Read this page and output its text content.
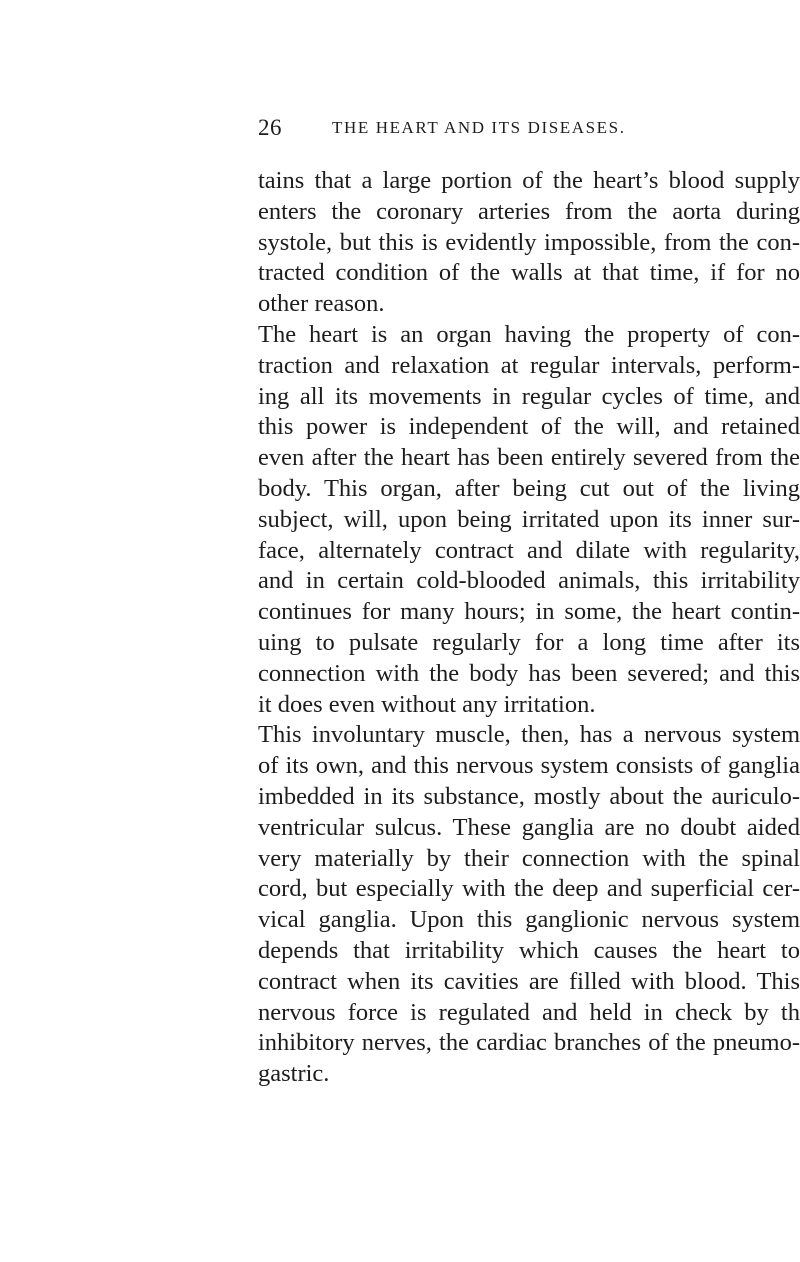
26	THE HEART AND ITS DISEASES.
tains that a large portion of the heart’s blood supply
enters the coronary arteries from the aorta during
systole, but this is evidently impossible, from the con-
tracted condition of the walls at that time, if for no
other reason.
The heart is an organ having the property of con-
traction and relaxation at regular intervals, perform-
ing all its movements in regular cycles of time, and
this power is independent of the will, and retained
even after the heart has been entirely severed from the
body. This organ, after being cut out of the living
subject, will, upon being irritated upon its inner sur-
face, alternately contract and dilate with regularity,
and in certain cold-blooded animals, this irritability
continues for many hours; in some, the heart contin-
uing to pulsate regularly for a long time after its
connection with the body has been severed; and this
it does even without any irritation.
This involuntary muscle, then, has a nervous system
of its own, and this nervous system consists of ganglia
imbedded in its substance, mostly about the auriculo-
ventricular sulcus. These ganglia are no doubt aided
very materially by their connection with the spinal
cord, but especially with the deep and superficial cer-
vical ganglia. Upon this ganglionic nervous system
depends that irritability which causes the heart to
contract when its cavities are filled with blood. This
nervous force is regulated and held in check by th
inhibitory nerves, the cardiac branches of the pneumo-
gastric.
